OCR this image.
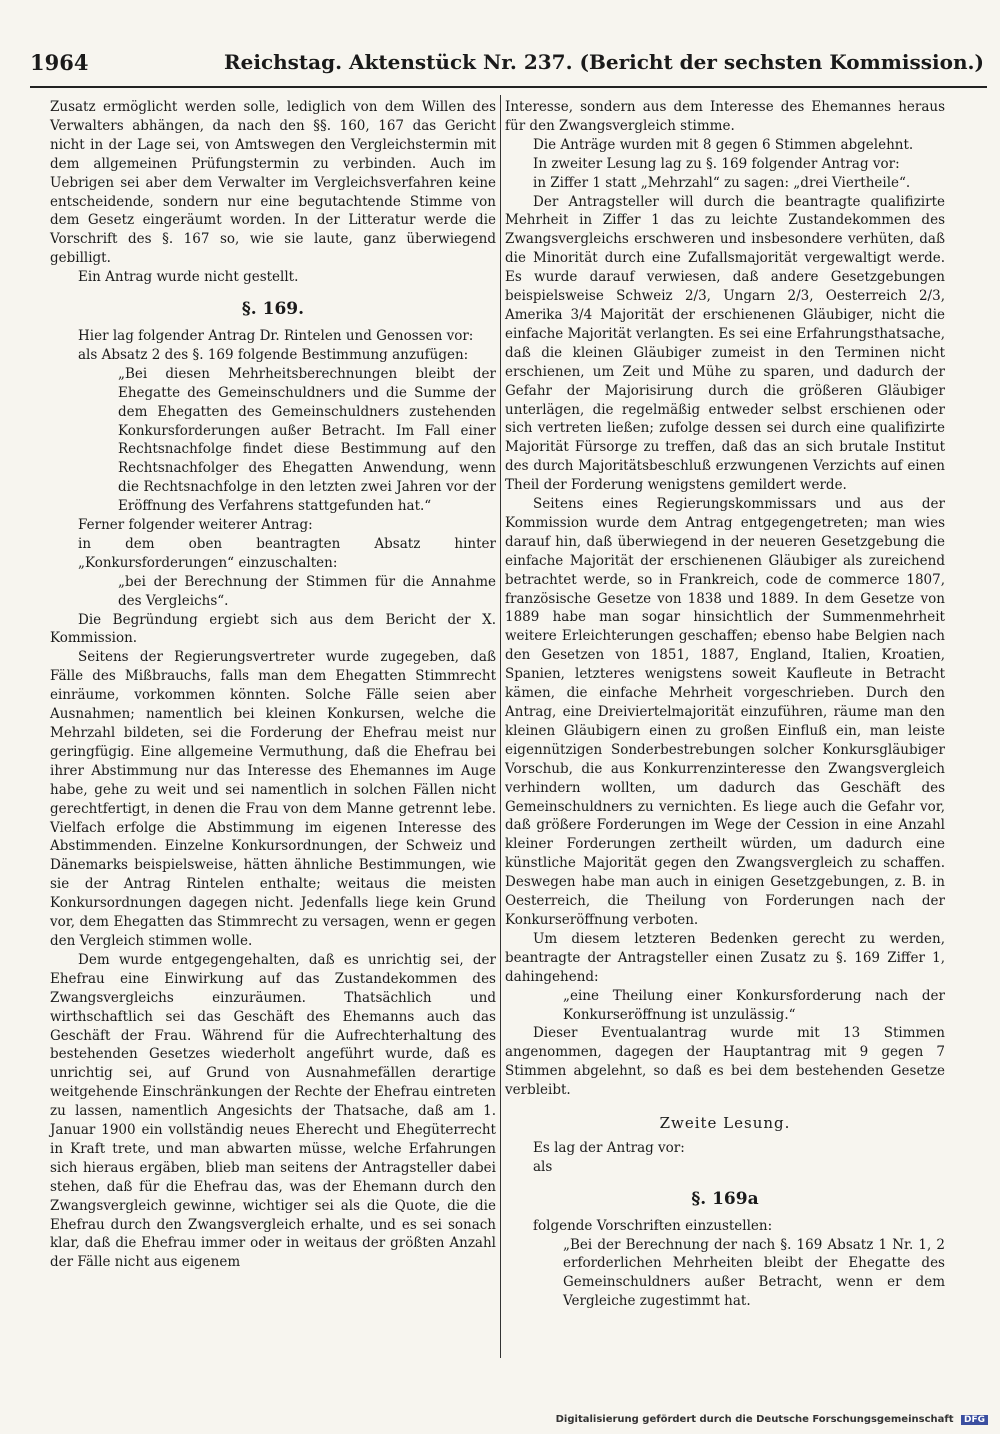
1964	Reichstag. Aktenstück Nr. 237. (Bericht der sechsten Kommission.)

Zusatz ermöglicht werden solle, lediglich von dem Willen des Verwalters abhängen, da nach den §§. 160, 167 das Gericht nicht in der Lage sei, von Amtswegen den Vergleichstermin mit dem allgemeinen Prüfungstermin zu verbinden. Auch im Uebrigen sei aber dem Verwalter im Vergleichsverfahren keine entscheidende, sondern nur eine begutachtende Stimme von dem Gesetz eingeräumt worden. In der Litteratur werde die Vorschrift des §. 167 so, wie sie laute, ganz überwiegend gebilligt.

Ein Antrag wurde nicht gestellt.

§. 169.

Hier lag folgender Antrag Dr. Rintelen und Genossen vor:

als Absatz 2 des §. 169 folgende Bestimmung anzufügen:

„Bei diesen Mehrheitsberechnungen bleibt der Ehegatte des Gemeinschuldners und die Summe der dem Ehegatten des Gemeinschuldners zustehenden Konkursforderungen außer Betracht. Im Fall einer Rechtsnachfolge findet diese Bestimmung auf den Rechtsnachfolger des Ehegatten Anwendung, wenn die Rechtsnachfolge in den letzten zwei Jahren vor der Eröffnung des Verfahrens stattgefunden hat.“

Ferner folgender weiterer Antrag:

in dem oben beantragten Absatz hinter „Konkursforderungen“ einzuschalten:

„bei der Berechnung der Stimmen für die Annahme des Vergleichs“.

Die Begründung ergiebt sich aus dem Bericht der X. Kommission.

Seitens der Regierungsvertreter wurde zugegeben, daß Fälle des Mißbrauchs, falls man dem Ehegatten Stimmrecht einräume, vorkommen könnten. Solche Fälle seien aber Ausnahmen; namentlich bei kleinen Konkursen, welche die Mehrzahl bildeten, sei die Forderung der Ehefrau meist nur geringfügig. Eine allgemeine Vermuthung, daß die Ehefrau bei ihrer Abstimmung nur das Interesse des Ehemannes im Auge habe, gehe zu weit und sei namentlich in solchen Fällen nicht gerechtfertigt, in denen die Frau von dem Manne getrennt lebe. Vielfach erfolge die Abstimmung im eigenen Interesse des Abstimmenden. Einzelne Konkursordnungen, der Schweiz und Dänemarks beispielsweise, hätten ähnliche Bestimmungen, wie sie der Antrag Rintelen enthalte; weitaus die meisten Konkursordnungen dagegen nicht. Jedenfalls liege kein Grund vor, dem Ehegatten das Stimmrecht zu versagen, wenn er gegen den Vergleich stimmen wolle.

Dem wurde entgegengehalten, daß es unrichtig sei, der Ehefrau eine Einwirkung auf das Zustandekommen des Zwangsvergleichs einzuräumen. Thatsächlich und wirthschaftlich sei das Geschäft des Ehemanns auch das Geschäft der Frau. Während für die Aufrechterhaltung des bestehenden Gesetzes wiederholt angeführt wurde, daß es unrichtig sei, auf Grund von Ausnahmefällen derartige weitgehende Einschränkungen der Rechte der Ehefrau eintreten zu lassen, namentlich Angesichts der Thatsache, daß am 1. Januar 1900 ein vollständig neues Eherecht und Ehegüterrecht in Kraft trete, und man abwarten müsse, welche Erfahrungen sich hieraus ergäben, blieb man seitens der Antragsteller dabei stehen, daß für die Ehefrau das, was der Ehemann durch den Zwangsvergleich gewinne, wichtiger sei als die Quote, die die Ehefrau durch den Zwangsvergleich erhalte, und es sei sonach klar, daß die Ehefrau immer oder in weitaus der größten Anzahl der Fälle nicht aus eigenem

Interesse, sondern aus dem Interesse des Ehemannes heraus für den Zwangsvergleich stimme.

Die Anträge wurden mit 8 gegen 6 Stimmen abgelehnt.

In zweiter Lesung lag zu §. 169 folgender Antrag vor:

in Ziffer 1 statt „Mehrzahl“ zu sagen: „drei Viertheile“.

Der Antragsteller will durch die beantragte qualifizirte Mehrheit in Ziffer 1 das zu leichte Zustandekommen des Zwangsvergleichs erschweren und insbesondere verhüten, daß die Minorität durch eine Zufallsmajorität vergewaltigt werde. Es wurde darauf verwiesen, daß andere Gesetzgebungen beispielsweise Schweiz 2/3, Ungarn 2/3, Oesterreich 2/3, Amerika 3/4 Majorität der erschienenen Gläubiger, nicht die einfache Majorität verlangten. Es sei eine Erfahrungsthatsache, daß die kleinen Gläubiger zumeist in den Terminen nicht erschienen, um Zeit und Mühe zu sparen, und dadurch der Gefahr der Majorisirung durch die größeren Gläubiger unterlägen, die regelmäßig entweder selbst erschienen oder sich vertreten ließen; zufolge dessen sei durch eine qualifizirte Majorität Fürsorge zu treffen, daß das an sich brutale Institut des durch Majoritätsbeschluß erzwungenen Verzichts auf einen Theil der Forderung wenigstens gemildert werde.

Seitens eines Regierungskommissars und aus der Kommission wurde dem Antrag entgegengetreten; man wies darauf hin, daß überwiegend in der neueren Gesetzgebung die einfache Majorität der erschienenen Gläubiger als zureichend betrachtet werde, so in Frankreich, code de commerce 1807, französische Gesetze von 1838 und 1889. In dem Gesetze von 1889 habe man sogar hinsichtlich der Summenmehrheit weitere Erleichterungen geschaffen; ebenso habe Belgien nach den Gesetzen von 1851, 1887, England, Italien, Kroatien, Spanien, letzteres wenigstens soweit Kaufleute in Betracht kämen, die einfache Mehrheit vorgeschrieben. Durch den Antrag, eine Dreiviertelmajorität einzuführen, räume man den kleinen Gläubigern einen zu großen Einfluß ein, man leiste eigennützigen Sonderbestrebungen solcher Konkursgläubiger Vorschub, die aus Konkurrenzinteresse den Zwangsvergleich verhindern wollten, um dadurch das Geschäft des Gemeinschuldners zu vernichten. Es liege auch die Gefahr vor, daß größere Forderungen im Wege der Cession in eine Anzahl kleiner Forderungen zertheilt würden, um dadurch eine künstliche Majorität gegen den Zwangsvergleich zu schaffen. Deswegen habe man auch in einigen Gesetzgebungen, z. B. in Oesterreich, die Theilung von Forderungen nach der Konkurseröffnung verboten.

Um diesem letzteren Bedenken gerecht zu werden, beantragte der Antragsteller einen Zusatz zu §. 169 Ziffer 1, dahingehend:

„eine Theilung einer Konkursforderung nach der Konkurseröffnung ist unzulässig.“

Dieser Eventualantrag wurde mit 13 Stimmen angenommen, dagegen der Hauptantrag mit 9 gegen 7 Stimmen abgelehnt, so daß es bei dem bestehenden Gesetze verbleibt.

Zweite Lesung.

Es lag der Antrag vor:

als

§. 169a

folgende Vorschriften einzustellen:

„Bei der Berechnung der nach §. 169 Absatz 1 Nr. 1, 2 erforderlichen Mehrheiten bleibt der Ehegatte des Gemeinschuldners außer Betracht, wenn er dem Vergleiche zugestimmt hat.

Digitalisierung gefördert durch die Deutsche Forschungsgemeinschaft DFG
